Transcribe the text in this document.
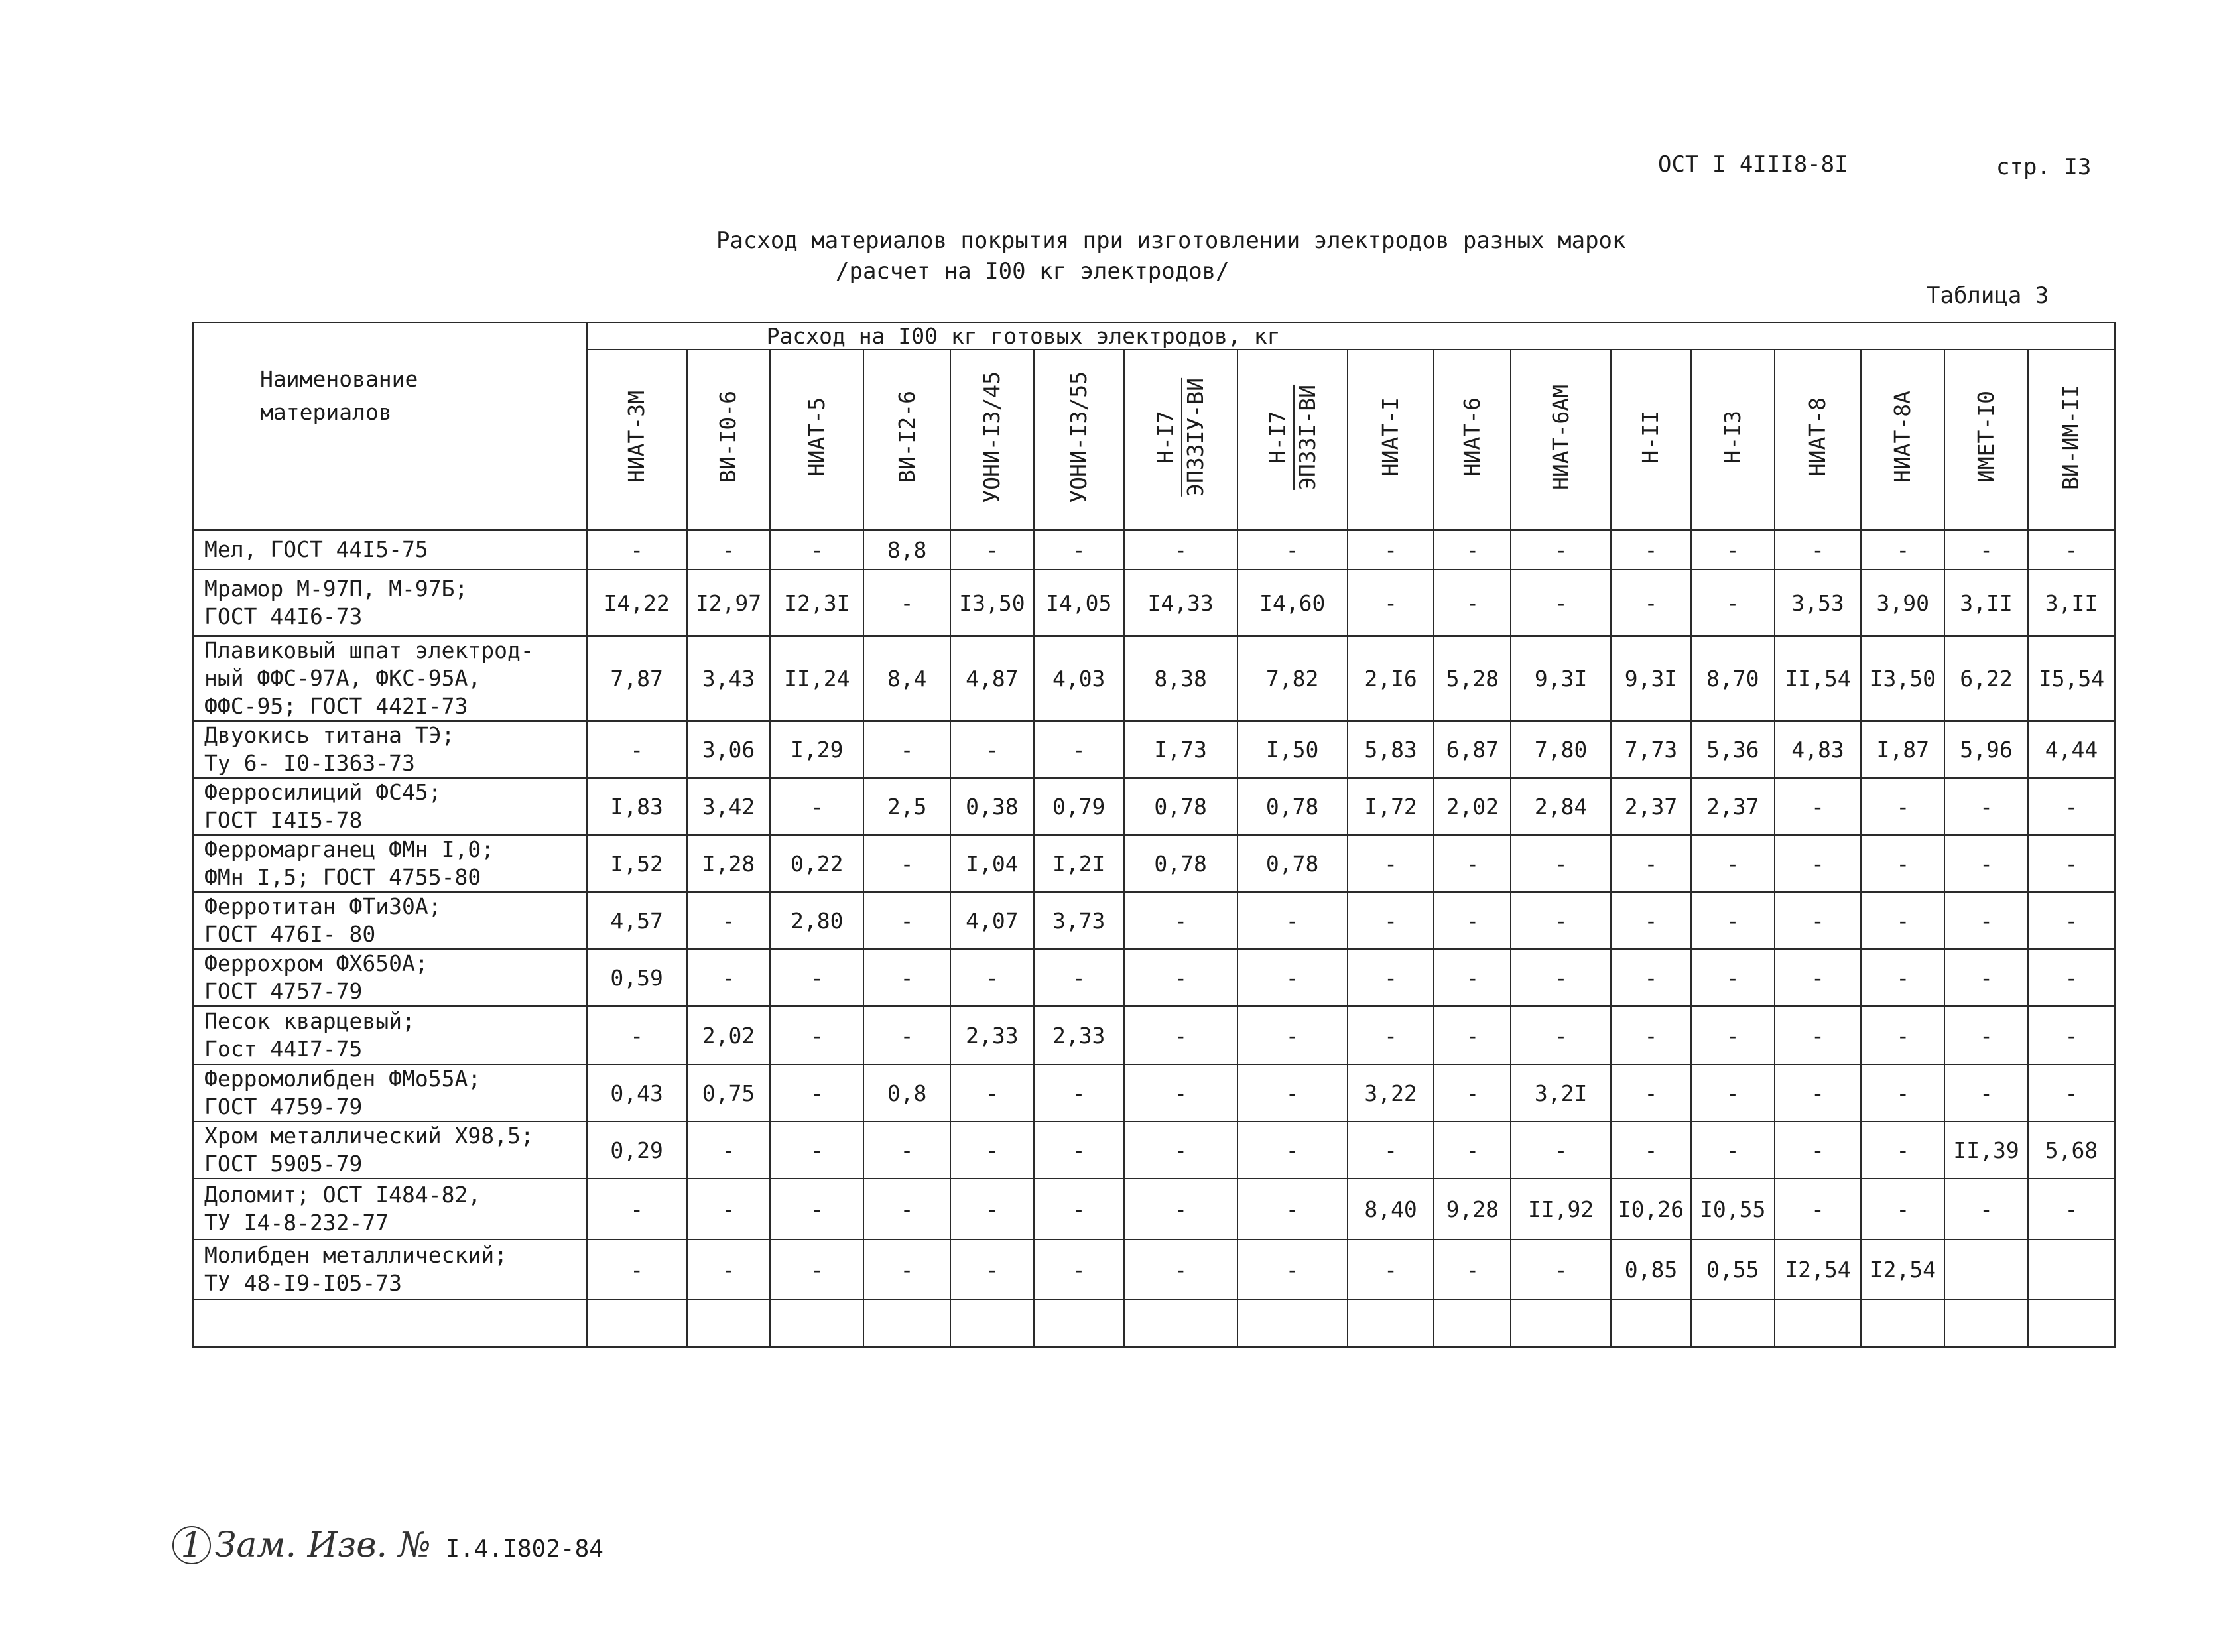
ОСТ I 4III8-8I	стр. I3
Расход материалов покрытия при изготовлении электродов разных марок
/расчет на I00 кг электродов/
Таблица 3
Наименование
материалов	Расход на I00 кг готовых электродов, кг																
	НИАТ-3М	ВИ-I0-6	НИАТ-5	ВИ-I2-6	УОНИ-I3/45	УОНИ-I3/55	Н-I7 ЭП33IУ-ВИ	Н-I7 ЭП33I-ВИ	НИАТ-I	НИАТ-6	НИАТ-6АМ	Н-II	Н-I3	НИАТ-8	НИАТ-8А	ИМЕТ-I0	ВИ-ИМ-II
Мел, ГОСТ 44I5-75	-	-	-	8,8	-	-	-	-	-	-	-	-	-	-	-	-	-
Мрамор М-97П, М-97Б;
ГОСТ 44I6-73	I4,22	I2,97	I2,3I	-	I3,50	I4,05	I4,33	I4,60	-	-	-	-	-	3,53	3,90	3,II	3,II
Плавиковый шпат электрод-
ный ФФС-97А, ФКС-95А,
ФФС-95; ГОСТ 442I-73	7,87	3,43	II,24	8,4	4,87	4,03	8,38	7,82	2,I6	5,28	9,3I	9,3I	8,70	II,54	I3,50	6,22	I5,54
Двуокись титана ТЭ;
Ту 6- I0-I363-73	-	3,06	I,29	-	-	-	I,73	I,50	5,83	6,87	7,80	7,73	5,36	4,83	I,87	5,96	4,44
Ферросилиций ФС45;
ГОСТ I4I5-78	I,83	3,42	-	2,5	0,38	0,79	0,78	0,78	I,72	2,02	2,84	2,37	2,37	-	-	-	-
Ферромарганец ФМн I,0;
ФМн I,5; ГОСТ 4755-80	I,52	I,28	0,22	-	I,04	I,2I	0,78	0,78	-	-	-	-	-	-	-	-	-
Ферротитан ФТи30А;
ГОСТ 476I- 80	4,57	-	2,80	-	4,07	3,73	-	-	-	-	-	-	-	-	-	-	-
Феррохром ФХ650А;
ГОСТ 4757-79	0,59	-	-	-	-	-	-	-	-	-	-	-	-	-	-	-	-
Песок кварцевый;
Гост 44I7-75	-	2,02	-	-	2,33	2,33	-	-	-	-	-	-	-	-	-	-	-
Ферромолибден ФМо55А;
ГОСТ 4759-79	0,43	0,75	-	0,8	-	-	-	-	3,22	-	3,2I	-	-	-	-	-	-
Хром металлический Х98,5;
ГОСТ 5905-79	0,29	-	-	-	-	-	-	-	-	-	-	-	-	-	-	II,39	5,68
Доломит; ОСТ I484-82,
ТУ I4-8-232-77	-	-	-	-	-	-	-	-	8,40	9,28	II,92	I0,26	I0,55	-	-	-	-
Молибден металлический;
ТУ 48-I9-I05-73	-	-	-	-	-	-	-	-	-	-	-	0,85	0,55	I2,54	I2,54		

1 Зам. Изв. № I.4.I802-84
